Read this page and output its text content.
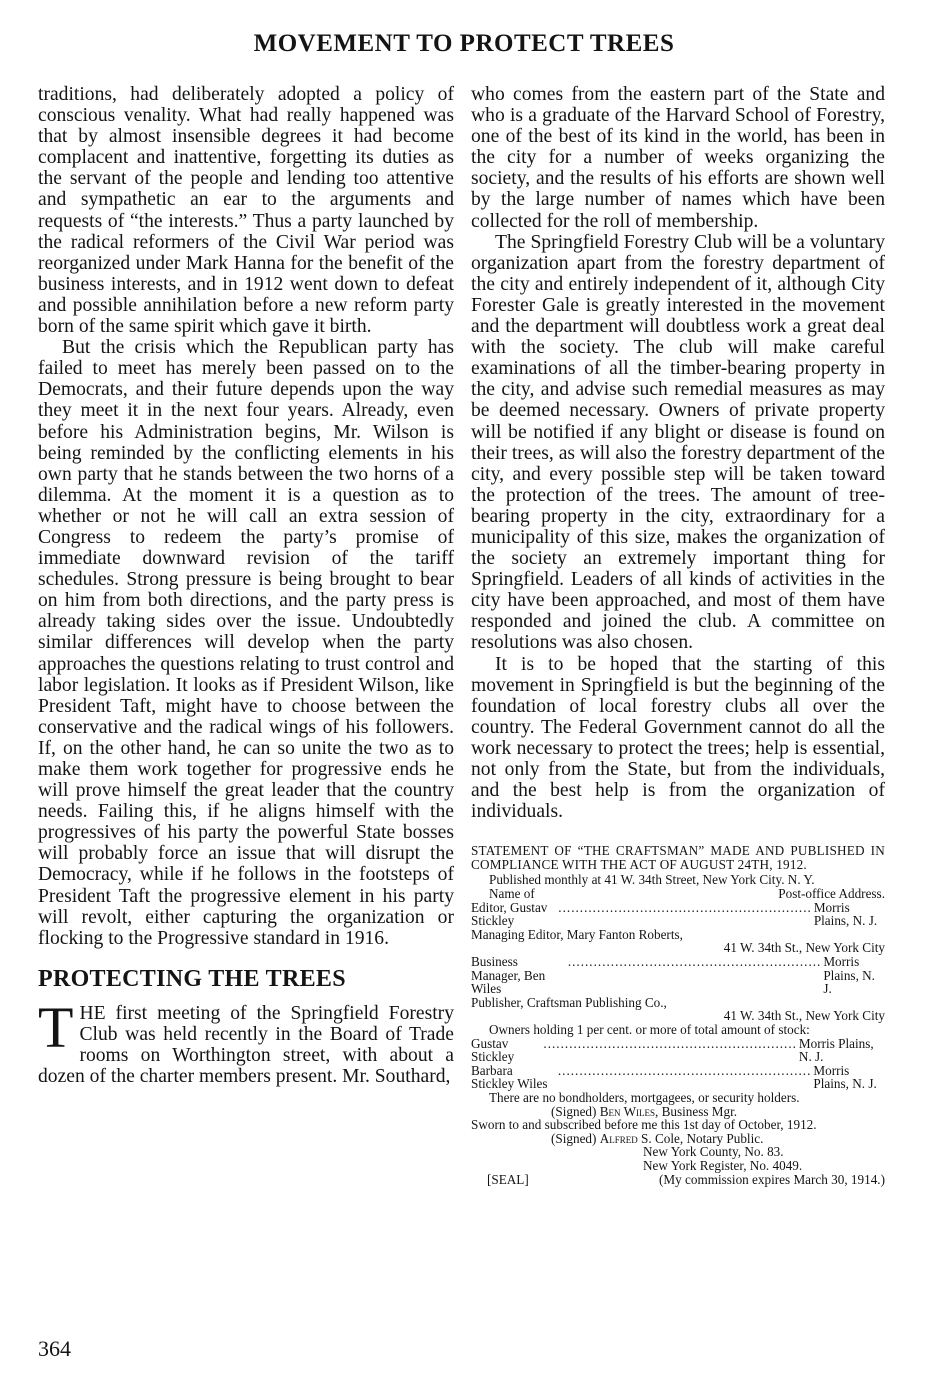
MOVEMENT TO PROTECT TREES

traditions, had deliberately adopted a policy of conscious venality. What had really happened was that by almost insensible degrees it had become complacent and inattentive, forgetting its duties as the servant of the people and lending too attentive and sympathetic an ear to the arguments and requests of “the interests.” Thus a party launched by the radical reformers of the Civil War period was reorganized under Mark Hanna for the benefit of the business interests, and in 1912 went down to defeat and possible annihilation before a new reform party born of the same spirit which gave it birth.

But the crisis which the Republican party has failed to meet has merely been passed on to the Democrats, and their future depends upon the way they meet it in the next four years. Already, even before his Administration begins, Mr. Wilson is being reminded by the conflicting elements in his own party that he stands between the two horns of a dilemma. At the moment it is a question as to whether or not he will call an extra session of Congress to redeem the party’s promise of immediate downward revision of the tariff schedules. Strong pressure is being brought to bear on him from both directions, and the party press is already taking sides over the issue. Undoubtedly similar differences will develop when the party approaches the questions relating to trust control and labor legislation. It looks as if President Wilson, like President Taft, might have to choose between the conservative and the radical wings of his followers. If, on the other hand, he can so unite the two as to make them work together for progressive ends he will prove himself the great leader that the country needs. Failing this, if he aligns himself with the progressives of his party the powerful State bosses will probably force an issue that will disrupt the Democracy, while if he follows in the footsteps of President Taft the progressive element in his party will revolt, either capturing the organization or flocking to the Progressive standard in 1916.

PROTECTING THE TREES

THE first meeting of the Springfield Forestry Club was held recently in the Board of Trade rooms on Worthington street, with about a dozen of the charter members present. Mr. Southard,

who comes from the eastern part of the State and who is a graduate of the Harvard School of Forestry, one of the best of its kind in the world, has been in the city for a number of weeks organizing the society, and the results of his efforts are shown well by the large number of names which have been collected for the roll of membership.

The Springfield Forestry Club will be a voluntary organization apart from the forestry department of the city and entirely independent of it, although City Forester Gale is greatly interested in the movement and the department will doubtless work a great deal with the society. The club will make careful examinations of all the timber-bearing property in the city, and advise such remedial measures as may be deemed necessary. Owners of private property will be notified if any blight or disease is found on their trees, as will also the forestry department of the city, and every possible step will be taken toward the protection of the trees. The amount of tree-bearing property in the city, extraordinary for a municipality of this size, makes the organization of the society an extremely important thing for Springfield. Leaders of all kinds of activities in the city have been approached, and most of them have responded and joined the club. A committee on resolutions was also chosen.

It is to be hoped that the starting of this movement in Springfield is but the beginning of the foundation of local forestry clubs all over the country. The Federal Government cannot do all the work necessary to protect the trees; help is essential, not only from the State, but from the individuals, and the best help is from the organization of individuals.

STATEMENT OF “THE CRAFTSMAN” MADE AND PUBLISHED IN COMPLIANCE WITH THE ACT OF AUGUST 24TH, 1912.
Published monthly at 41 W. 34th Street, New York City. N. Y.
Name of	Post-office Address.
Editor, Gustav Stickley
........................................................... Morris Plains, N. J.
Managing Editor, Mary Fanton Roberts,
41 W. 34th St., New York City
Business Manager, Ben Wiles
........................................................... Morris Plains, N. J.
Publisher, Craftsman Publishing Co.,
41 W. 34th St., New York City
Owners holding 1 per cent. or more of total amount of stock:
Gustav Stickley
........................................................... Morris Plains, N. J.
Barbara Stickley Wiles
........................................................... Morris Plains, N. J.
There are no bondholders, mortgagees, or security holders.
(Signed) Ben Wiles, Business Mgr.
Sworn to and subscribed before me this 1st day of October, 1912.
(Signed) Alfred S. Cole, Notary Public.
New York County, No. 83.
New York Register, No. 4049.
[SEAL]	(My commission expires March 30, 1914.)
364
